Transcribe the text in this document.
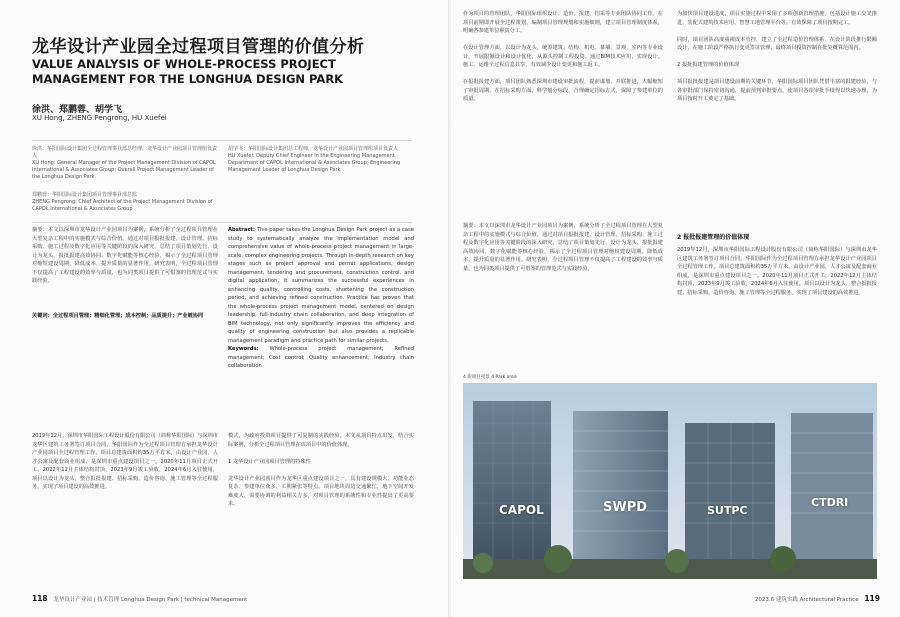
龙华设计产业园全过程项目管理的价值分析
VALUE ANALYSIS OF WHOLE-PROCESS PROJECT MANAGEMENT FOR THE LONGHUA DESIGN PARK
徐洪、郑鹏蓉、胡学飞
XU Hong, ZHENG Pengrong, HU Xuefei
徐洪：华阳国际设计集团全过程管理事业部总经理，龙华设计产业园项目管理组负责人
XU Hong: General Manager of the Project Management Division of CAPOL International & Associates Group; Overall Project Management Leader of the Longhua Design Park
胡学飞：华阳国际设计集团总工程师，龙华设计产业园项目管理组项目负责人
HU Xuefei: Deputy Chief Engineer in the Engineering Management Department of CAPOL International & Associates Group; Engineering Management Leader of Longhua Design Park
郑鹏蓉：华阳国际设计集团项目管理事业部总监
ZHENG Pengrong: Chief Architect of the Project Management Division of CAPOL International & Associates Group
摘要：本文以深圳市龙华设计产业园项目为案例，系统分析了全过程项目管理在大型复杂工程中的实施模式与综合价值。通过对项目报批报建、设计管理、招标采购、施工过程及数字化应用等关键阶段的深入研究，总结了项目策划先行、设计为龙头、报批报建高效协同、数字化赋能等核心经验，揭示了全过程项目管理对缩短建设周期、降低成本、提升质量的显著作用。研究表明，全过程项目管理不仅提高了工程建设的效率与质量，也为同类项目提供了可借鉴的管理范式与实践经验。
关键词：全过程项目管理；精细化管理；成本控制；品质提升；产业链协同
Abstract: This paper takes the Longhua Design Park project as a case study to systematically analyze the implementation model and comprehensive value of whole-process project management in large-scale, complex engineering projects. Through in-depth research on key stages such as project approval and permit applications, design management, tendering and procurement, construction control, and digital application, it summarizes the successful experiences in enhancing quality, controlling costs, shortening the construction period, and achieving refined construction. Practice has proven that the whole-process project management model, centered on design leadership, full-industry chain collaboration, and deep integration of BIM technology, not only significantly improves the efficiency and quality of engineering construction but also provides a replicable management paradigm and practice path for similar projects.
Keywords: Whole-process project management; Refined management; Cost control; Quality enhancement; Industry chain collaboration
2019年12月，深圳市华阳国际工程设计股份有限公司（简称华阳国际）与深圳市龙华区建筑工务署签订项目合同，华阳国际作为全过程项目管理方承担龙华设计产业园项目全过程管理工作。项目总建筑面积约35万平方米，由设计产业园、人才公寓及配套商业组成，是深圳市重点建设项目之一。2020年11月项目正式开工，2022年12月主体结构封顶，2023年9月竣工验收，2024年6月入驻使用。项目以设计为龙头，整合报批报建、招标采购、造价咨询、施工管理等全过程服务，实现了项目建设的高效推进。
模式，为政府投资项目提供了可复制的实践经验。本文从项目特点出发，结合实际案例，分析全过程项目管理在该项目中的价值体现。

1 龙华设计产业园项目管理的特殊性

龙华设计产业园项目作为龙华区重点建设项目之一，具有建设规模大、功能业态复杂、参建单位众多、工期紧张等特点。项目地块周边交通繁忙，地下空间开发难度大，需要协调的利益相关方多，对项目管理的系统性和专业性提出了更高要求。
118 龙华设计产业园 | 技术管理 Longhua Design Park | technical Management
作为项目的管理团队，华阳国际组织设计、造价、报建、招采等专业团队协同工作，在项目前期即开展全过程策划，编制项目管理规划和实施细则，建立项目管理制度体系，明确各参建单位职责分工。

在设计管理方面，以设计为龙头，统筹建筑、结构、机电、幕墙、景观、室内等专业设计，开展限额设计和设计优化，从源头控制工程投资。通过BIM技术应用，实现设计、施工、运维全过程信息共享，有效减少设计变更和施工返工。

在报批报建方面，项目团队熟悉深圳市建设审批流程，提前谋划、并联推进，大幅缩短了审批周期。在招标采购方面，科学划分标段，合理确定招标方式，保障了参建单位的质量。
为加快项目建设进度，项目实施过程中采用了多项创新管理措施，包括设计施工交叉推进、装配式建筑技术应用、智慧工地管理平台等，有效保障了项目按期完工。

同时，项目团队高度重视成本管控，建立了全过程造价管理体系，在设计阶段推行限额设计，在施工阶段严格执行变更签证管理，最终项目投资控制在批复概算范围内。

2 报批报建管理的价值体现

项目报批报建是项目建设前期的关键环节，华阳国际项目团队凭借丰富的报建经验，与各审批部门保持密切沟通，提前预判审批要点，使项目各项审批手续得以快速办理，为项目按时开工奠定了基础。
2 报批报建管理的价值体现
摘要：本文以深圳市龙华设计产业园项目为案例，系统分析了全过程项目管理在大型复杂工程中的实施模式与综合价值。通过对项目报批报建、设计管理、招标采购、施工过程及数字化应用等关键阶段的深入研究，总结了项目策划先行、设计为龙头、报批报建高效协同、数字化赋能等核心经验，揭示了全过程项目管理对缩短建设周期、降低成本、提升质量的显著作用。研究表明，全过程项目管理不仅提高了工程建设的效率与质量，也为同类项目提供了可借鉴的管理范式与实践经验。
2019年12月，深圳市华阳国际工程设计股份有限公司（简称华阳国际）与深圳市龙华区建筑工务署签订项目合同，华阳国际作为全过程项目管理方承担龙华设计产业园项目全过程管理工作。项目总建筑面积约35万平方米，由设计产业园、人才公寓及配套商业组成，是深圳市重点建设项目之一。2020年11月项目正式开工，2022年12月主体结构封顶，2023年9月竣工验收，2024年6月入驻使用。项目以设计为龙头，整合报批报建、招标采购、造价咨询、施工管理等全过程服务，实现了项目建设的高效推进。
4 新项目夜景 4 Park area
CAPOL	SWPD	SUTPC
CTDRI
2023.6 建筑实践 Architectural Practice 119
